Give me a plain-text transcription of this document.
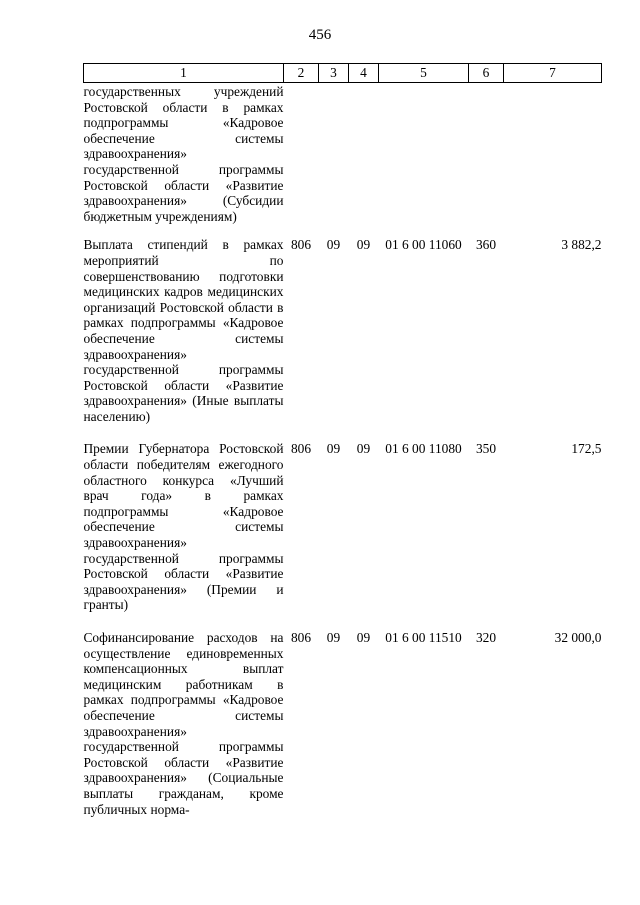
456
1	2	3	4	5	6	7
государственных учреждений Ростовской области в рамках подпрограммы «Кадровое обеспечение системы здравоохранения» государственной программы Ростовской области «Развитие здравоохранения» (Субсидии бюджетным учреждениям)						
Выплата стипендий в рамках мероприятий по совершенствованию подготовки медицинских кадров медицинских организаций Ростовской области в рамках подпрограммы «Кадровое обеспечение системы здравоохранения» государственной программы Ростовской области «Развитие здравоохранения» (Иные выплаты населению)	806	09	09	01 6 00 11060	360	3 882,2
Премии Губернатора Ростовской области победителям ежегодного областного конкурса «Лучший врач года» в рамках подпрограммы «Кадровое обеспечение системы здравоохранения» государственной программы Ростовской области «Развитие здравоохранения» (Премии и гранты)	806	09	09	01 6 00 11080	350	172,5
Софинансирование расходов на осуществление единовременных компенсационных выплат медицинским работникам в рамках подпрограммы «Кадровое обеспечение системы здравоохранения» государственной программы Ростовской области «Развитие здравоохранения» (Социальные выплаты гражданам, кроме публичных норма-	806	09	09	01 6 00 11510	320	32 000,0
